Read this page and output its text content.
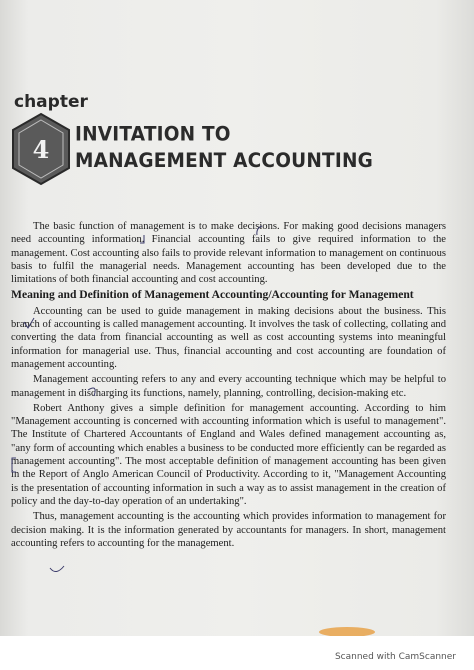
chapter
4	INVITATION TO MANAGEMENT ACCOUNTING

The basic function of management is to make decisions. For making good decisions managers need accounting information. Financial accounting fails to give required information to the management. Cost accounting also fails to provide relevant information to management on continuous basis to fulfil the managerial needs. Management accounting has been developed due to the limitations of both financial accounting and cost accounting.

Meaning and Definition of Management Accounting/Accounting for Management

Accounting can be used to guide management in making decisions about the business. This branch of accounting is called management accounting. It involves the task of collecting, collating and converting the data from financial accounting as well as cost accounting systems into meaningful information for managerial use. Thus, financial accounting and cost accounting are foundation of management accounting.

Management accounting refers to any and every accounting technique which may be helpful to management in discharging its functions, namely, planning, controlling, decision-making etc.

Robert Anthony gives a simple definition for management accounting. According to him "Management accounting is concerned with accounting information which is useful to management". The Institute of Chartered Accountants of England and Wales defined management accounting as, "any form of accounting which enables a business to be conducted more efficiently can be regarded as management accounting". The most acceptable definition of management accounting has been given in the Report of Anglo American Council of Productivity. According to it, "Management Accounting is the presentation of accounting information in such a way as to assist management in the creation of policy and the day-to-day operation of an undertaking".

Thus, management accounting is the accounting which provides information to management for decision making. It is the information generated by accountants for managers. In short, management accounting refers to accounting for the management.

Scanned with CamScanner
